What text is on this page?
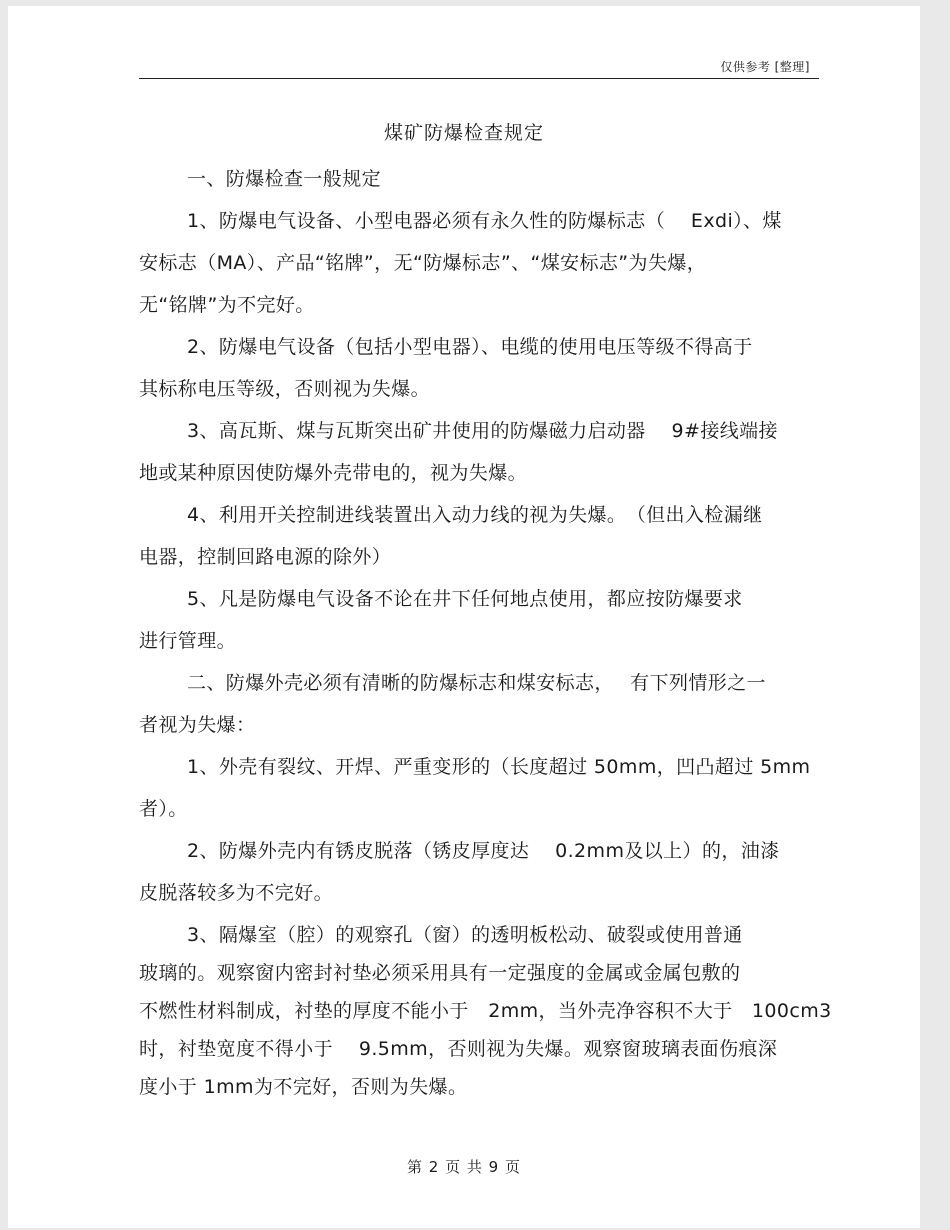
仅供参考 [整理]
煤矿防爆检查规定
一、防爆检查一般规定
1、防爆电气设备、小型电器必须有永久性的防爆标志（　 Exdi）、煤
安标志（MA）、产品“铭牌”，无“防爆标志”、“煤安标志”为失爆，
无“铭牌”为不完好。
2、防爆电气设备（包括小型电器）、电缆的使用电压等级不得高于
其标称电压等级，否则视为失爆。
3、高瓦斯、煤与瓦斯突出矿井使用的防爆磁力启动器　 9#接线端接
地或某种原因使防爆外壳带电的，视为失爆。
4、利用开关控制进线装置出入动力线的视为失爆。　（但出入检漏继
电器，控制回路电源的除外）
5、凡是防爆电气设备不论在井下任何地点使用，都应按防爆要求
进行管理。
二、防爆外壳必须有清晰的防爆标志和煤安标志，　 有下列情形之一
者视为失爆：
1、外壳有裂纹、开焊、严重变形的（长度超过 50mm，凹凸超过 5mm
者）。
2、防爆外壳内有锈皮脱落（锈皮厚度达　 0.2mm及以上）的，油漆
皮脱落较多为不完好。
3、隔爆室（腔）的观察孔（窗）的透明板松动、破裂或使用普通
玻璃的。观察窗内密封衬垫必须采用具有一定强度的金属或金属包敷的
不燃性材料制成，衬垫的厚度不能小于　2mm，当外壳净容积不大于　100cm3
时，衬垫宽度不得小于　 9.5mm，否则视为失爆。观察窗玻璃表面伤痕深
度小于 1mm为不完好，否则为失爆。
第 2 页 共 9 页
